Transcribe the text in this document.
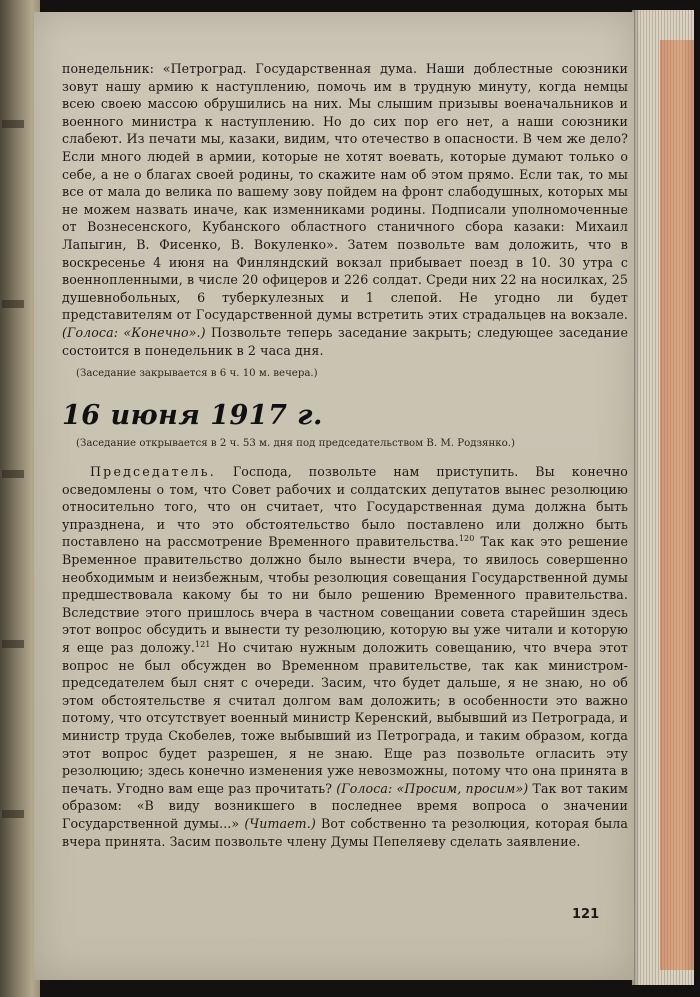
понедельник: «Петроград. Государственная дума. Наши доблестные союзники зовут нашу армию к наступлению, помочь им в трудную минуту, когда немцы всею своею массою обрушились на них. Мы слышим призывы военачальников и военного министра к наступлению. Но до сих пор его нет, а наши союзники слабеют. Из печати мы, казаки, видим, что отечество в опасности. В чем же дело? Если много людей в армии, которые не хотят воевать, которые думают только о себе, а не о благах своей родины, то скажите нам об этом прямо. Если так, то мы все от мала до велика по вашему зову пойдем на фронт слабодушных, которых мы не можем назвать иначе, как изменниками родины. Подписали уполномоченные от Вознесенского, Кубанского областного станичного сбора казаки: Михаил Лапыгин, В. Фисенко, В. Вокуленко». Затем позвольте вам доложить, что в воскресенье 4 июня на Финляндский вокзал прибывает поезд в 10. 30 утра с военнопленными, в числе 20 офицеров и 226 солдат. Среди них 22 на носилках, 25 душевнобольных, 6 туберкулезных и 1 слепой. Не угодно ли будет представителям от Государственной думы встретить этих страдальцев на вокзале. (Голоса: «Конечно».) Позвольте теперь заседание закрыть; следующее заседание состоится в понедельник в 2 часа дня.

(Заседание закрывается в 6 ч. 10 м. вечера.)

16 июня 1917 г.

(Заседание открывается в 2 ч. 53 м. дня под председательством В. М. Родзянко.)

Председатель. Господа, позвольте нам приступить. Вы конечно осведомлены о том, что Совет рабочих и солдатских депутатов вынес резолюцию относительно того, что он считает, что Государственная дума должна быть упразднена, и что это обстоятельство было поставлено или должно быть поставлено на рассмотрение Временного правительства.$^{120}$ Так как это решение Временное правительство должно было вынести вчера, то явилось совершенно необходимым и неизбежным, чтобы резолюция совещания Государственной думы предшествовала какому бы то ни было решению Временного правительства. Вследствие этого пришлось вчера в частном совещании совета старейшин здесь этот вопрос обсудить и вынести ту резолюцию, которую вы уже читали и которую я еще раз доложу.$^{121}$ Но считаю нужным доложить совещанию, что вчера этот вопрос не был обсужден во Временном правительстве, так как министром-председателем был снят с очереди. Засим, что будет дальше, я не знаю, но об этом обстоятельстве я считал долгом вам доложить; в особенности это важно потому, что отсутствует военный министр Керенский, выбывший из Петрограда, и министр труда Скобелев, тоже выбывший из Петрограда, и таким образом, когда этот вопрос будет разрешен, я не знаю. Еще раз позвольте огласить эту резолюцию; здесь конечно изменения уже невозможны, потому что она принята в печать. Угодно вам еще раз прочитать? (Голоса: «Просим, просим») Так вот таким образом: «В виду возникшего в последнее время вопроса о значении Государственной думы...» (Читает.) Вот собственно та резолюция, которая была вчера принята. Засим позвольте члену Думы Пепеляеву сделать заявление.

121
